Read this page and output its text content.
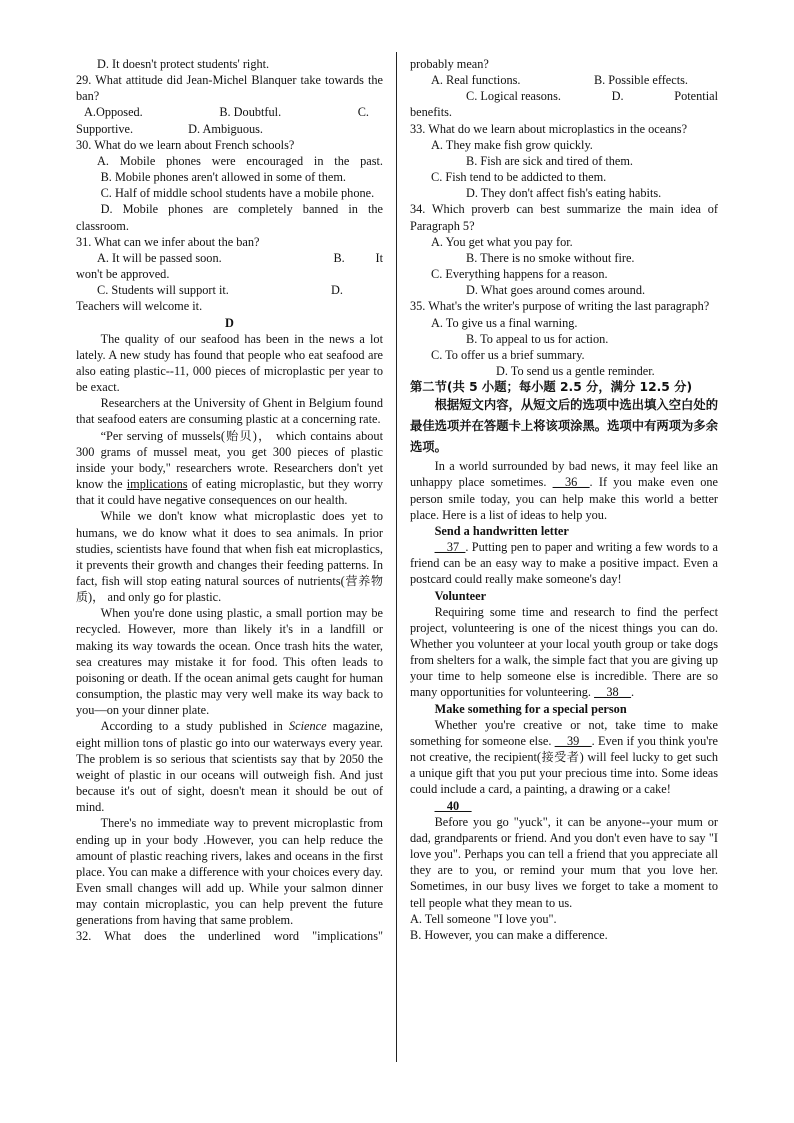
D. It doesn't protect students' right.
29. What attitude did Jean-Michel Blanquer take towards the ban?
A.Opposed.	B. Doubtful.	C.
Supportive.	D. Ambiguous.
30. What do we learn about French schools?
A. Mobile phones were encouraged in the past.
B. Mobile phones aren't allowed in some of them.
C. Half of middle school students have a mobile phone.
D. Mobile phones are completely banned in the classroom.
31. What can we infer about the ban?
A. It will be passed soon.	B.          It
won't be approved.
C. Students will support it.	D.
Teachers will welcome it.
D
The quality of our seafood has been in the news a lot lately. A new study has found that people who eat seafood are also eating plastic--11, 000 pieces of microplastic per year to be exact.
Researchers at the University of Ghent in Belgium found that seafood eaters are consuming plastic at a concerning rate.
“Per serving of mussels(贻贝)， which contains about 300 grams of mussel meat, you get 300 pieces of plastic inside your body," researchers wrote. Researchers don't yet know the implications of eating microplastic, but they worry that it could have negative consequences on our health.
While we don't know what microplastic does yet to humans, we do know what it does to sea animals. In prior studies, scientists have found that when fish eat microplastics, it prevents their growth and changes their feeding patterns. In fact, fish will stop eating natural sources of nutrients(营养物质)， and only go for plastic.
When you're done using plastic, a small portion may be recycled. However, more than likely it's in a landfill or making its way towards the ocean. Once trash hits the water, sea creatures may mistake it for food. This often leads to poisoning or death. If the ocean animal gets caught for human consumption, the plastic may very well make its way back to you—on your dinner plate.
According to a study published in Science magazine, eight million tons of plastic go into our waterways every year. The problem is so serious that scientists say that by 2050 the weight of plastic in our oceans will outweigh fish. And just because it's out of sight, doesn't mean it should be out of mind.
There's no immediate way to prevent microplastic from ending up in your body .However, you can help reduce the amount of plastic reaching rivers, lakes and oceans in the first place. You can make a difference with your choices every day. Even small changes will add up. While your salmon dinner may contain microplastic, you can help prevent the future generations from having that same problem.
32. What does the underlined word "implications"
probably mean?
A. Real functions.	B. Possible effects.
C. Logical reasons.	D.	Potential
benefits.
33. What do we learn about microplastics in the oceans?
A. They make fish grow quickly.
B. Fish are sick and tired of them.
C. Fish tend to be addicted to them.
D. They don't affect fish's eating habits.
34. Which proverb can best summarize the main idea of Paragraph 5?
A. You get what you pay for.
B. There is no smoke without fire.
C. Everything happens for a reason.
D. What goes around comes around.
35. What's the writer's purpose of writing the last paragraph?
A. To give us a final warning.
B. To appeal to us for action.
C. To offer us a brief summary.
D. To send us a gentle reminder.
第二节(共 5 小题；每小题 2.5 分，满分 12.5 分)
根据短文内容，从短文后的选项中选出填入空白处的最佳选项并在答题卡上将该项涂黑。选项中有两项为多余选项。
In a world surrounded by bad news, it may feel like an unhappy place sometimes. __36__. If you make even one person smile today, you can help make this world a better place. Here is a list of ideas to help you.
Send a handwritten letter
__37_. Putting pen to paper and writing a few words to a friend can be an easy way to make a positive impact. Even a postcard could really make someone's day!
Volunteer
Requiring some time and research to find the perfect project, volunteering is one of the nicest things you can do. Whether you volunteer at your local youth group or take dogs from shelters for a walk, the simple fact that you are giving up your time to help someone else is incredible. There are so many opportunities for volunteering. __38__.
Make something for a special person
Whether you're creative or not, take time to make something for someone else. __39__. Even if you think you're not creative, the recipient(接受者) will feel lucky to get such a unique gift that you put your precious time into. Some ideas could include a card, a painting, a drawing or a cake!
__40__
Before you go "yuck", it can be anyone--your mum or dad, grandparents or friend. And you don't even have to say "I love you". Perhaps you can tell a friend that you appreciate all they are to you, or remind your mum that you love her. Sometimes, in our busy lives we forget to take a moment to tell people what they mean to us.
A. Tell someone "I love you".
B. However, you can make a difference.
